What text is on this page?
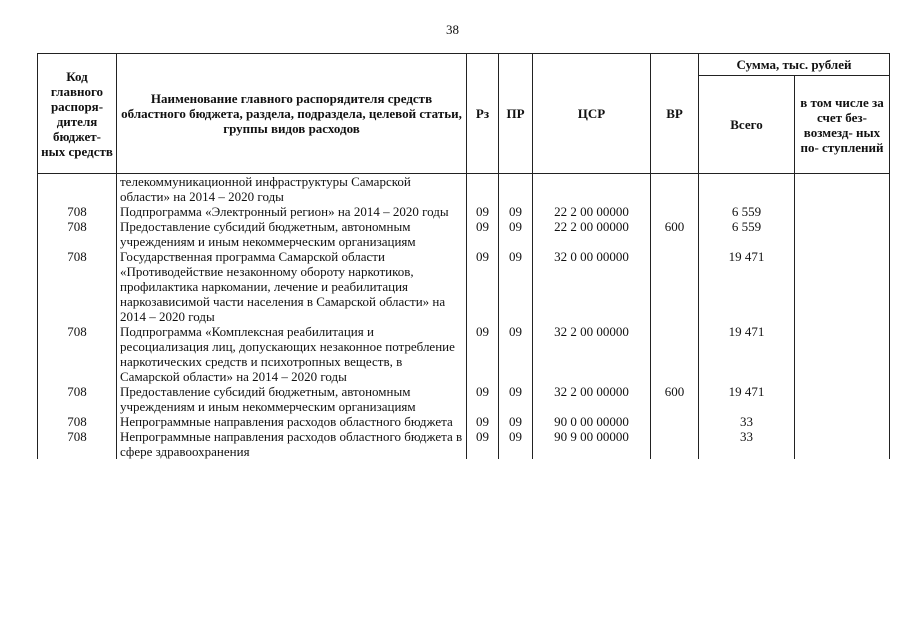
38
Код главного распоря- дителя бюджет- ных средств	Наименование главного распорядителя средств областного бюджета, раздела, подраздела, целевой статьи, группы видов расходов	Рз	ПР	ЦСР	ВР	Сумма, тыс. рублей	
						Всего	в том числе за счет без- возмезд- ных по- ступлений
	телекоммуникационной инфраструктуры Самарской области» на 2014 – 2020 годы						
708	Подпрограмма «Электронный регион» на 2014 – 2020 годы	09	09	22 2 00 00000		6 559	
708	Предоставление субсидий бюджетным, автономным учреждениям и иным некоммерческим организациям	09	09	22 2 00 00000	600	6 559	
708	Государственная программа Самарской области «Противодействие незаконному обороту наркотиков, профилактика наркомании, лечение и реабилитация наркозависимой части населения в Самарской области» на 2014 – 2020 годы	09	09	32 0 00 00000		19 471	
708	Подпрограмма «Комплексная реабилитация и ресоциализация лиц, допускающих незаконное потребление наркотических средств и психотропных веществ, в Самарской области» на 2014 – 2020 годы	09	09	32 2 00 00000		19 471	
708	Предоставление субсидий бюджетным, автономным учреждениям и иным некоммерческим организациям	09	09	32 2 00 00000	600	19 471	
708	Непрограммные направления расходов областного бюджета	09	09	90 0 00 00000		33	
708	Непрограммные направления расходов областного бюджета в сфере здравоохранения	09	09	90 9 00 00000		33	
